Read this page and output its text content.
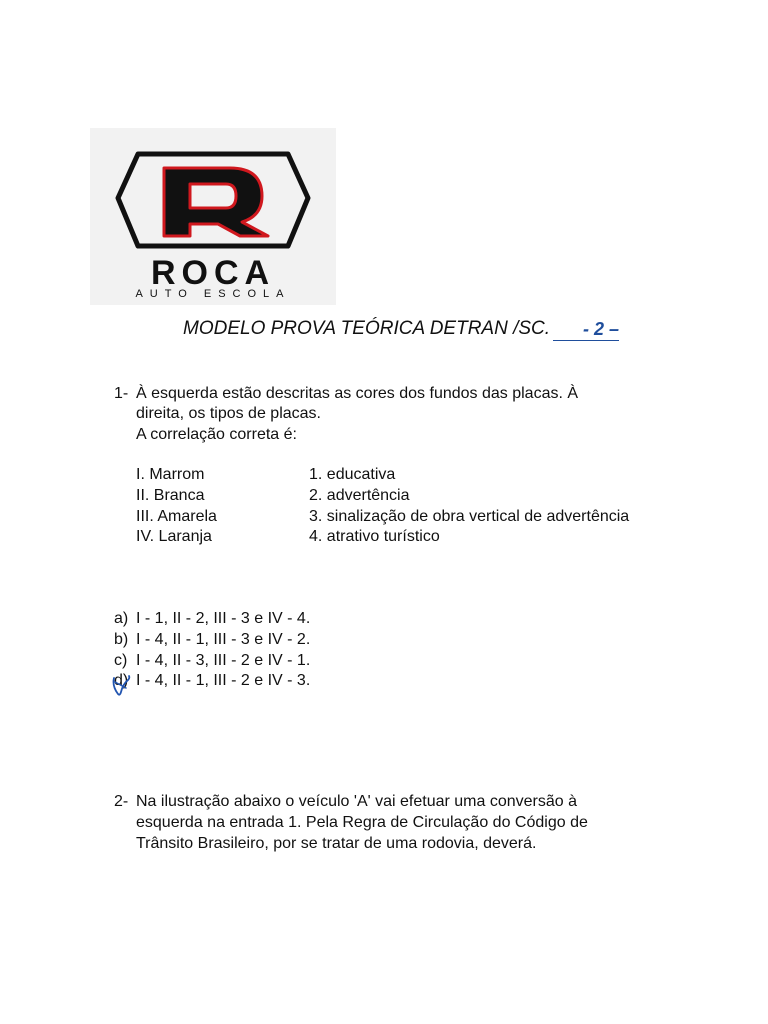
ROCA
AUTO ESCOLA
MODELO PROVA TEÓRICA DETRAN /SC.	- 2 –
1- À esquerda estão descritas as cores dos fundos das placas. À
direita, os tipos de placas.
A correlação correta é:
I. Marrom
II. Branca
III. Amarela
IV. Laranja
1. educativa
2. advertência
3. sinalização de obra vertical de advertência
4. atrativo turístico
a) I - 1, II - 2, III - 3 e IV - 4.
b) I - 4, II - 1, III - 3 e IV - 2.
c) I - 4, II - 3, III - 2 e IV - 1.
d) I - 4, II - 1, III - 2 e IV - 3.
2- Na ilustração abaixo o veículo 'A' vai efetuar uma conversão à
esquerda na entrada 1. Pela Regra de Circulação do Código de
Trânsito Brasileiro, por se tratar de uma rodovia, deverá.
